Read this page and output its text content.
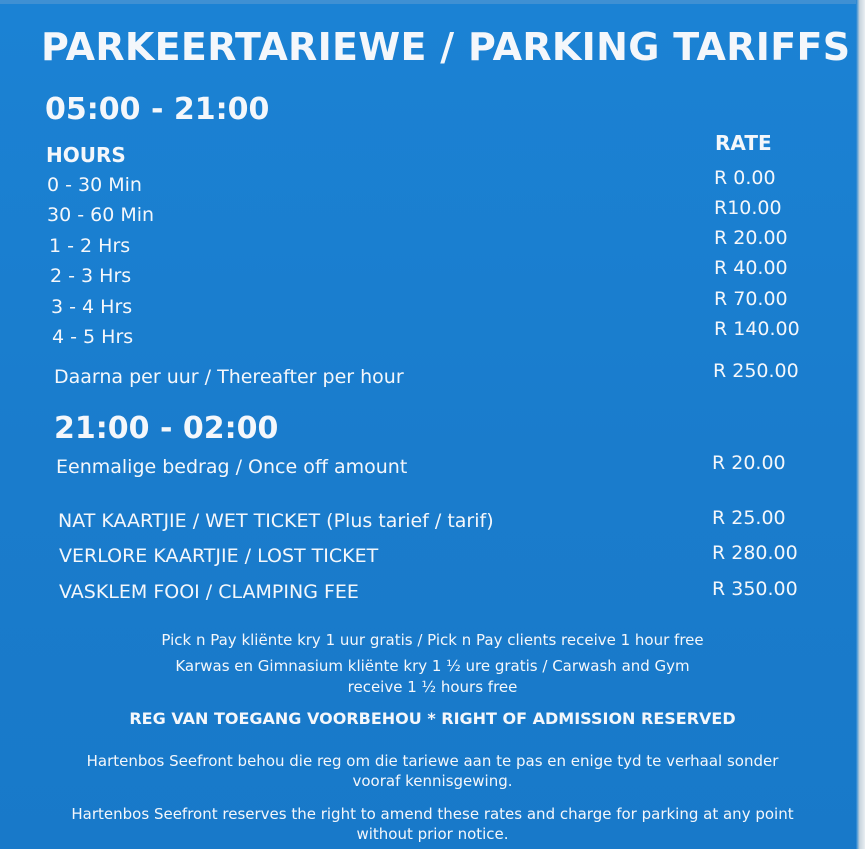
PARKEERTARIEWE / PARKING TARIFFS
05:00 - 21:00
HOURS	RATE
0 - 30 Min	R 0.00
30 - 60 Min	R10.00
1 - 2 Hrs	R 20.00
2 - 3 Hrs	R 40.00
3 - 4 Hrs	R 70.00
4 - 5 Hrs	R 140.00
Daarna per uur / Thereafter per hour	R 250.00
21:00 - 02:00
Eenmalige bedrag / Once off amount	R 20.00
NAT KAARTJIE / WET TICKET (Plus tarief / tarif)	R 25.00
VERLORE KAARTJIE / LOST TICKET	R 280.00
VASKLEM FOOI / CLAMPING FEE	R 350.00
Pick n Pay kliënte kry 1 uur gratis / Pick n Pay clients receive 1 hour free
Karwas en Gimnasium kliënte kry 1 ½ ure gratis / Carwash and Gym
receive 1 ½ hours free
REG VAN TOEGANG VOORBEHOU * RIGHT OF ADMISSION RESERVED
Hartenbos Seefront behou die reg om die tariewe aan te pas en enige tyd te verhaal sonder
vooraf kennisgewing.
Hartenbos Seefront reserves the right to amend these rates and charge for parking at any point
without prior notice.
